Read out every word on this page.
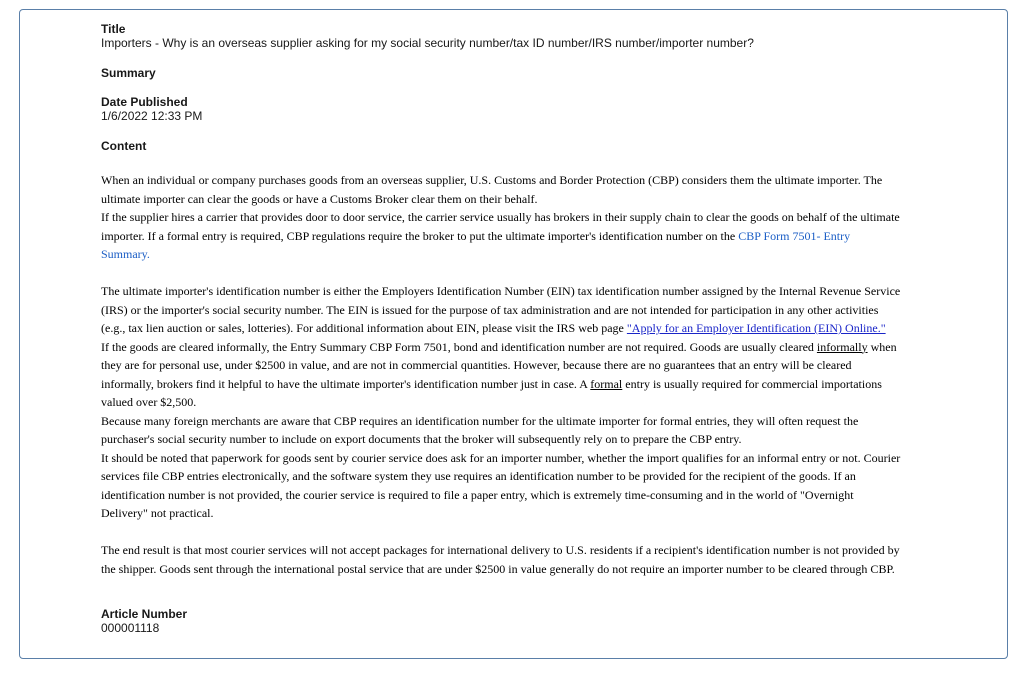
Title
Importers - Why is an overseas supplier asking for my social security number/tax ID number/IRS number/importer number?
Summary
Date Published
1/6/2022 12:33 PM
Content

When an individual or company purchases goods from an overseas supplier, U.S. Customs and Border Protection (CBP) considers them the ultimate importer. The ultimate importer can clear the goods or have a Customs Broker clear them on their behalf.

If the supplier hires a carrier that provides door to door service, the carrier service usually has brokers in their supply chain to clear the goods on behalf of the ultimate importer. If a formal entry is required, CBP regulations require the broker to put the ultimate importer's identification number on the CBP Form 7501- Entry Summary.

The ultimate importer's identification number is either the Employers Identification Number (EIN) tax identification number assigned by the Internal Revenue Service (IRS) or the importer's social security number. The EIN is issued for the purpose of tax administration and are not intended for participation in any other activities (e.g., tax lien auction or sales, lotteries). For additional information about EIN, please visit the IRS web page "Apply for an Employer Identification (EIN) Online."

If the goods are cleared informally, the Entry Summary CBP Form 7501, bond and identification number are not required. Goods are usually cleared informally when they are for personal use, under $2500 in value, and are not in commercial quantities. However, because there are no guarantees that an entry will be cleared informally, brokers find it helpful to have the ultimate importer's identification number just in case. A formal entry is usually required for commercial importations valued over $2,500.

Because many foreign merchants are aware that CBP requires an identification number for the ultimate importer for formal entries, they will often request the purchaser's social security number to include on export documents that the broker will subsequently rely on to prepare the CBP entry.

It should be noted that paperwork for goods sent by courier service does ask for an importer number, whether the import qualifies for an informal entry or not. Courier services file CBP entries electronically, and the software system they use requires an identification number to be provided for the recipient of the goods. If an identification number is not provided, the courier service is required to file a paper entry, which is extremely time-consuming and in the world of "Overnight Delivery" not practical.

The end result is that most courier services will not accept packages for international delivery to U.S. residents if a recipient's identification number is not provided by the shipper. Goods sent through the international postal service that are under $2500 in value generally do not require an importer number to be cleared through CBP.

Article Number
000001118
